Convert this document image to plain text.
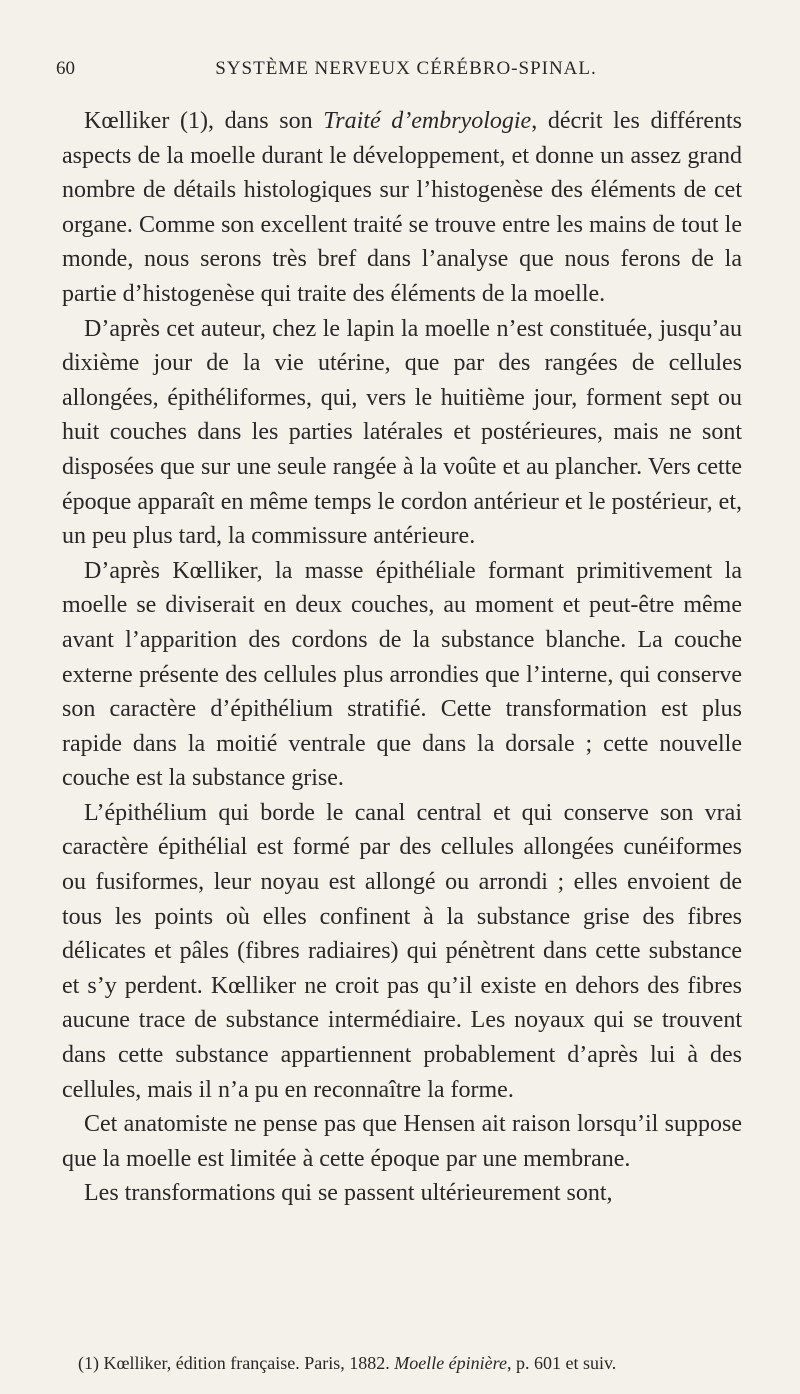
60	SYSTÈME NERVEUX CÉRÉBRO-SPINAL.

Kœlliker (1), dans son Traité d’embryologie, décrit les différents aspects de la moelle durant le développement, et donne un assez grand nombre de détails histologiques sur l’histogenèse des éléments de cet organe. Comme son excellent traité se trouve entre les mains de tout le monde, nous serons très bref dans l’analyse que nous ferons de la partie d’histogenèse qui traite des éléments de la moelle.

D’après cet auteur, chez le lapin la moelle n’est constituée, jusqu’au dixième jour de la vie utérine, que par des rangées de cellules allongées, épithéliformes, qui, vers le huitième jour, forment sept ou huit couches dans les parties latérales et postérieures, mais ne sont disposées que sur une seule rangée à la voûte et au plancher. Vers cette époque apparaît en même temps le cordon antérieur et le postérieur, et, un peu plus tard, la commissure antérieure.

D’après Kœlliker, la masse épithéliale formant primitivement la moelle se diviserait en deux couches, au moment et peut-être même avant l’apparition des cordons de la substance blanche. La couche externe présente des cellules plus arrondies que l’interne, qui conserve son caractère d’épithélium stratifié. Cette transformation est plus rapide dans la moitié ventrale que dans la dorsale ; cette nouvelle couche est la substance grise.

L’épithélium qui borde le canal central et qui conserve son vrai caractère épithélial est formé par des cellules allongées cunéiformes ou fusiformes, leur noyau est allongé ou arrondi ; elles envoient de tous les points où elles confinent à la substance grise des fibres délicates et pâles (fibres radiaires) qui pénètrent dans cette substance et s’y perdent. Kœlliker ne croit pas qu’il existe en dehors des fibres aucune trace de substance intermédiaire. Les noyaux qui se trouvent dans cette substance appartiennent probablement d’après lui à des cellules, mais il n’a pu en reconnaître la forme.

Cet anatomiste ne pense pas que Hensen ait raison lorsqu’il suppose que la moelle est limitée à cette époque par une membrane.

Les transformations qui se passent ultérieurement sont,

(1) Kœlliker, édition française. Paris, 1882. Moelle épinière, p. 601 et suiv.
